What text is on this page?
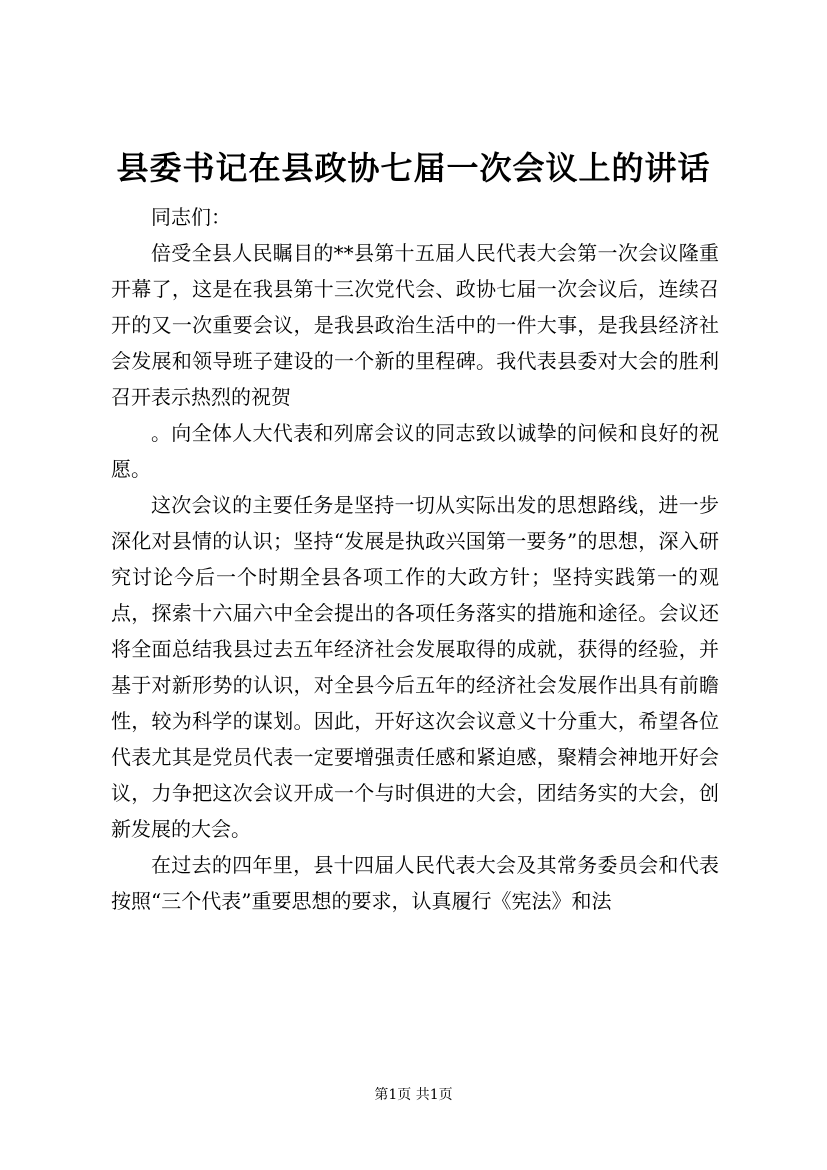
县委书记在县政协七届一次会议上的讲话

同志们：

倍受全县人民瞩目的**县第十五届人民代表大会第一次会议隆重开幕了，这是在我县第十三次党代会、政协七届一次会议后，连续召开的又一次重要会议，是我县政治生活中的一件大事，是我县经济社会发展和领导班子建设的一个新的里程碑。我代表县委对大会的胜利召开表示热烈的祝贺

。向全体人大代表和列席会议的同志致以诚挚的问候和良好的祝愿。

这次会议的主要任务是坚持一切从实际出发的思想路线，进一步深化对县情的认识；坚持“发展是执政兴国第一要务”的思想，深入研究讨论今后一个时期全县各项工作的大政方针；坚持实践第一的观点，探索十六届六中全会提出的各项任务落实的措施和途径。会议还将全面总结我县过去五年经济社会发展取得的成就，获得的经验，并基于对新形势的认识，对全县今后五年的经济社会发展作出具有前瞻性，较为科学的谋划。因此，开好这次会议意义十分重大，希望各位代表尤其是党员代表一定要增强责任感和紧迫感，聚精会神地开好会议，力争把这次会议开成一个与时俱进的大会，团结务实的大会，创新发展的大会。

在过去的四年里，县十四届人民代表大会及其常务委员会和代表按照“三个代表”重要思想的要求，认真履行《宪法》和法

第1页 共1页
